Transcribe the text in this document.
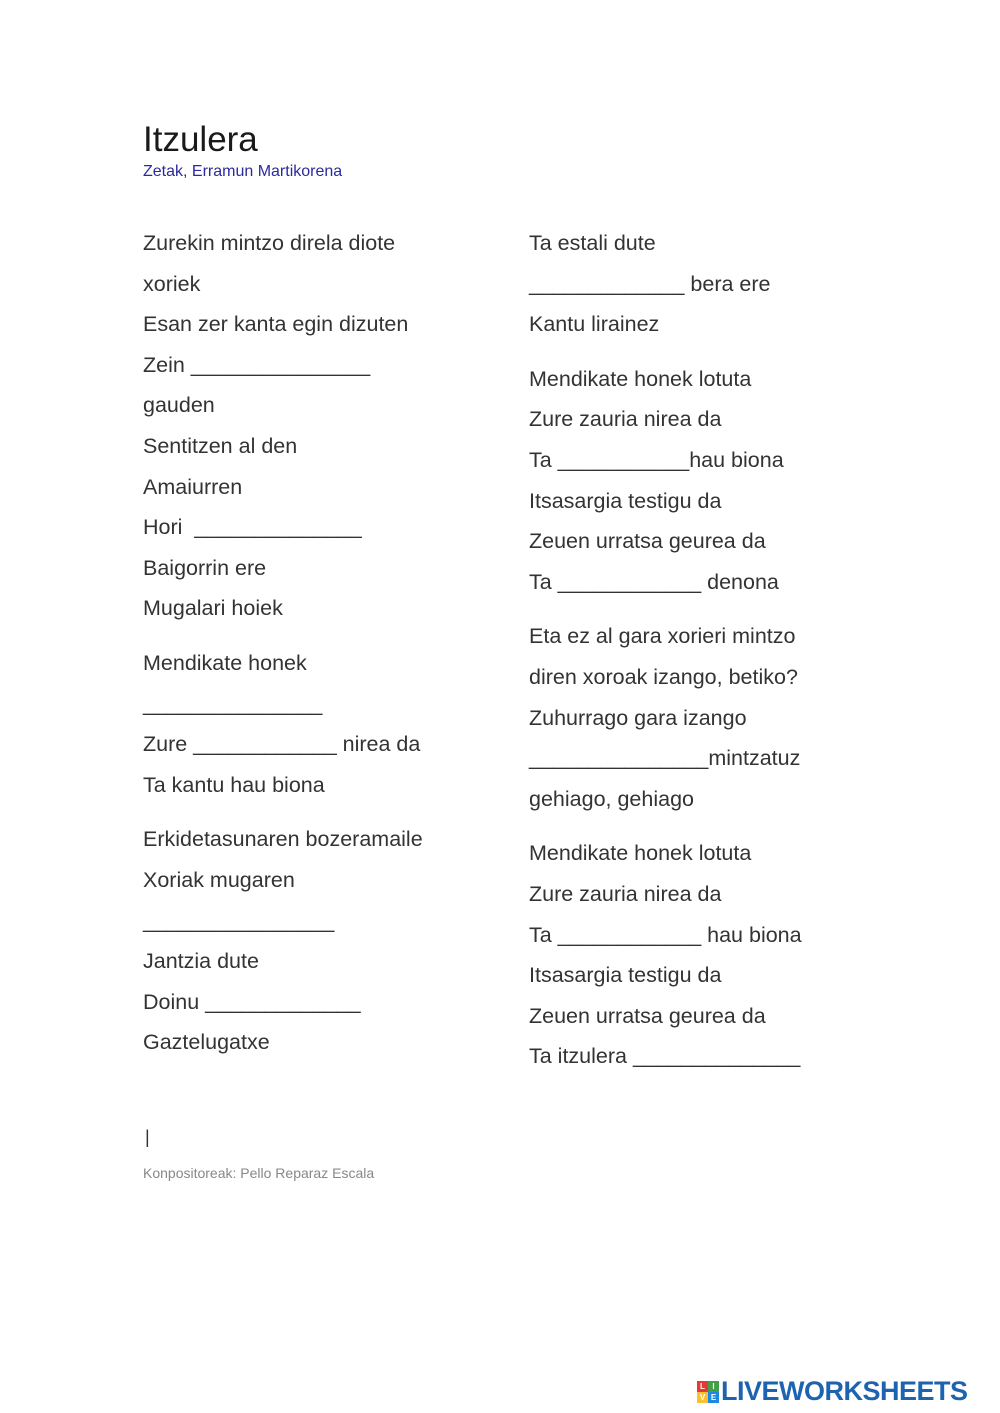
Itzulera
Zetak, Erramun Martikorena
Zurekin mintzo direla diote
xoriek
Esan zer kanta egin dizuten
Zein _______________
gauden
Sentitzen al den
Amaiurren
Hori  ______________
Baigorrin ere
Mugalari hoiek
Mendikate honek
_______________
Zure ____________ nirea da
Ta kantu hau biona
Erkidetasunaren bozeramaile
Xoriak mugaren
________________
Jantzia dute
Doinu _____________
Gaztelugatxe
Ta estali dute
_____________ bera ere
Kantu lirainez
Mendikate honek lotuta
Zure zauria nirea da
Ta ___________hau biona
Itsasargia testigu da
Zeuen urratsa geurea da
Ta ____________ denona
Eta ez al gara xorieri mintzo
diren xoroak izango, betiko?
Zuhurrago gara izango
_______________mintzatuz
gehiago, gehiago
Mendikate honek lotuta
Zure zauria nirea da
Ta ____________ hau biona
Itsasargia testigu da
Zeuen urratsa geurea da
Ta itzulera ______________
|
Konpositoreak: Pello Reparaz Escala
L I
V E LIVEWORKSHEETS
